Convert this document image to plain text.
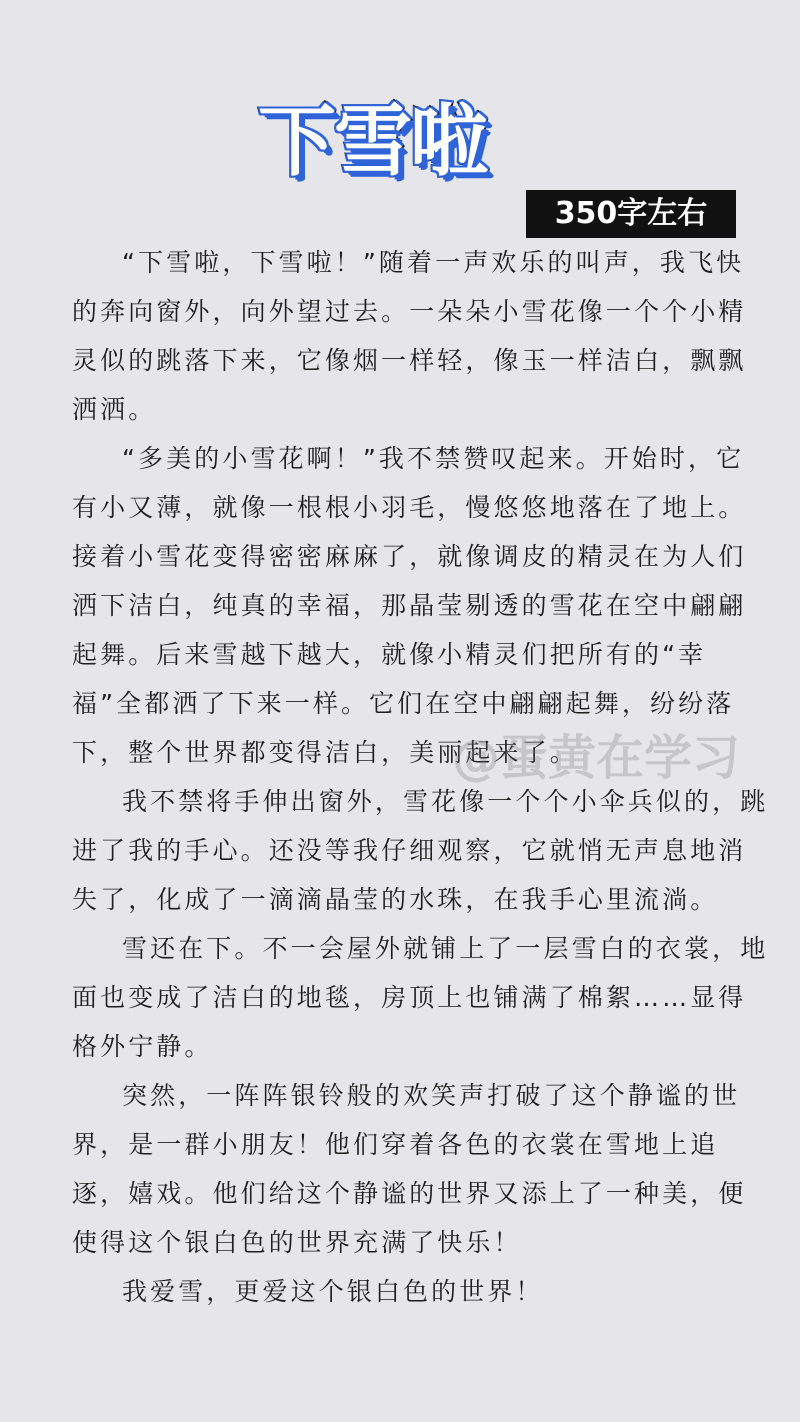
下雪啦
350字左右

“下雪啦，下雪啦！”随着一声欢乐的叫声，我飞快的奔向窗外，向外望过去。一朵朵小雪花像一个个小精灵似的跳落下来，它像烟一样轻，像玉一样洁白，飘飘洒洒。

“多美的小雪花啊！”我不禁赞叹起来。开始时，它有小又薄，就像一根根小羽毛，慢悠悠地落在了地上。接着小雪花变得密密麻麻了，就像调皮的精灵在为人们洒下洁白，纯真的幸福，那晶莹剔透的雪花在空中翩翩起舞。后来雪越下越大，就像小精灵们把所有的“幸福”全都洒了下来一样。它们在空中翩翩起舞，纷纷落下，整个世界都变得洁白，美丽起来了。

我不禁将手伸出窗外，雪花像一个个小伞兵似的，跳进了我的手心。还没等我仔细观察，它就悄无声息地消失了，化成了一滴滴晶莹的水珠，在我手心里流淌。

雪还在下。不一会屋外就铺上了一层雪白的衣裳，地面也变成了洁白的地毯，房顶上也铺满了棉絮……显得格外宁静。

突然，一阵阵银铃般的欢笑声打破了这个静谧的世界，是一群小朋友！他们穿着各色的衣裳在雪地上追逐，嬉戏。他们给这个静谧的世界又添上了一种美，便使得这个银白色的世界充满了快乐！

我爱雪，更爱这个银白色的世界！

@蛋黄在学习
